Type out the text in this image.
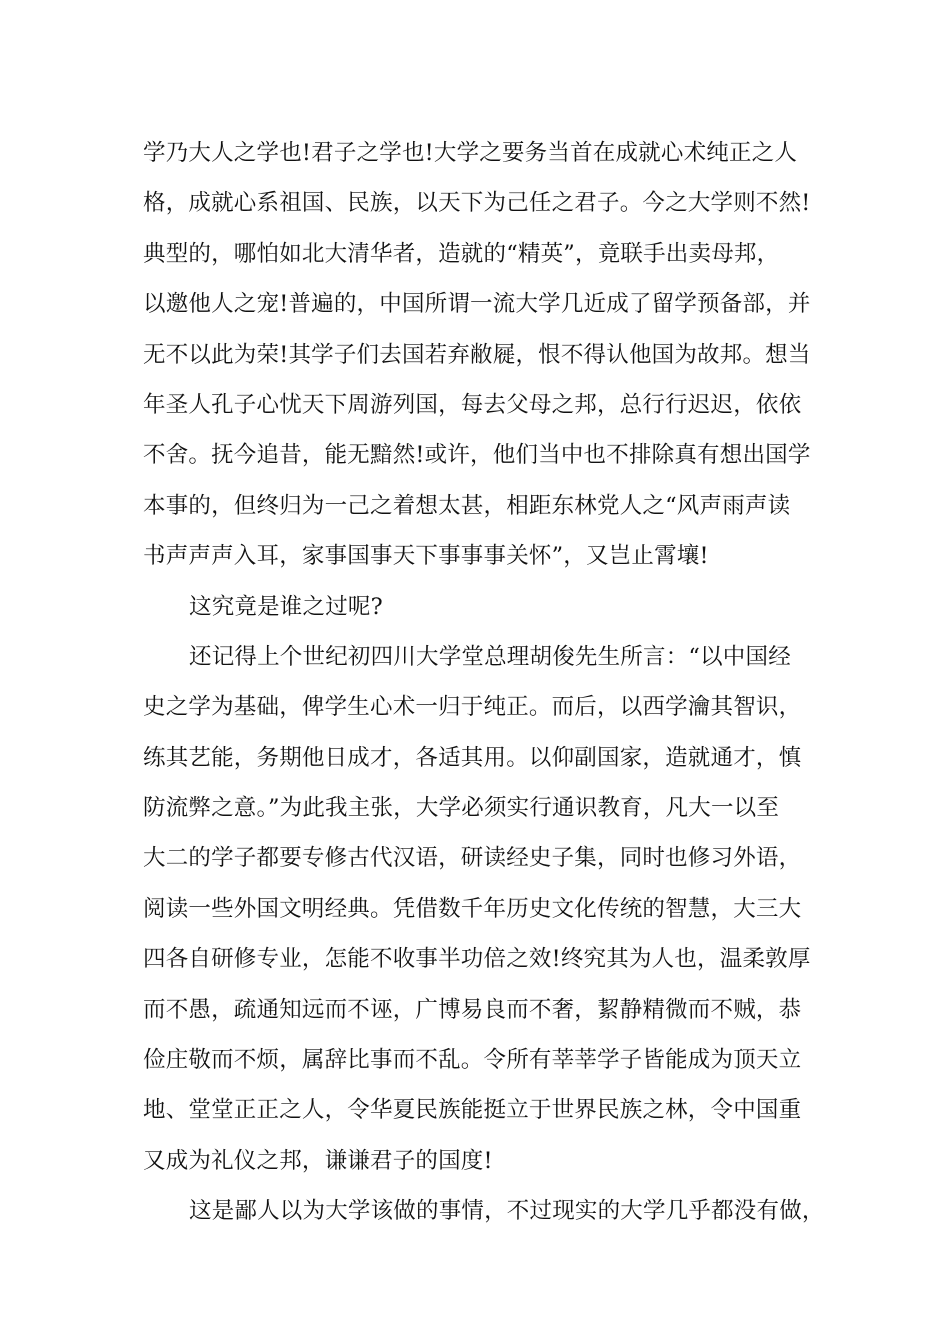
学乃大人之学也!君子之学也!大学之要务当首在成就心术纯正之人
格，成就心系祖国、民族，以天下为己任之君子。今之大学则不然!
典型的，哪怕如北大清华者，造就的“精英”，竟联手出卖母邦，
以邀他人之宠!普遍的，中国所谓一流大学几近成了留学预备部，并
无不以此为荣!其学子们去国若弃敝屣，恨不得认他国为故邦。想当
年圣人孔子心忧天下周游列国，每去父母之邦，总行行迟迟，依依
不舍。抚今追昔，能无黯然!或许，他们当中也不排除真有想出国学
本事的，但终归为一己之着想太甚，相距东林党人之“风声雨声读
书声声声入耳，家事国事天下事事事关怀”，又岂止霄壤!
这究竟是谁之过呢?
还记得上个世纪初四川大学堂总理胡俊先生所言：“以中国经
史之学为基础，俾学生心术一归于纯正。而后，以西学瀹其智识，
练其艺能，务期他日成才，各适其用。以仰副国家，造就通才，慎
防流弊之意。”为此我主张，大学必须实行通识教育，凡大一以至
大二的学子都要专修古代汉语，研读经史子集，同时也修习外语，
阅读一些外国文明经典。凭借数千年历史文化传统的智慧，大三大
四各自研修专业，怎能不收事半功倍之效!终究其为人也，温柔敦厚
而不愚，疏通知远而不诬，广博易良而不奢，絜静精微而不贼，恭
俭庄敬而不烦，属辞比事而不乱。令所有莘莘学子皆能成为顶天立
地、堂堂正正之人，令华夏民族能挺立于世界民族之林，令中国重
又成为礼仪之邦，谦谦君子的国度!
这是鄙人以为大学该做的事情，不过现实的大学几乎都没有做，
